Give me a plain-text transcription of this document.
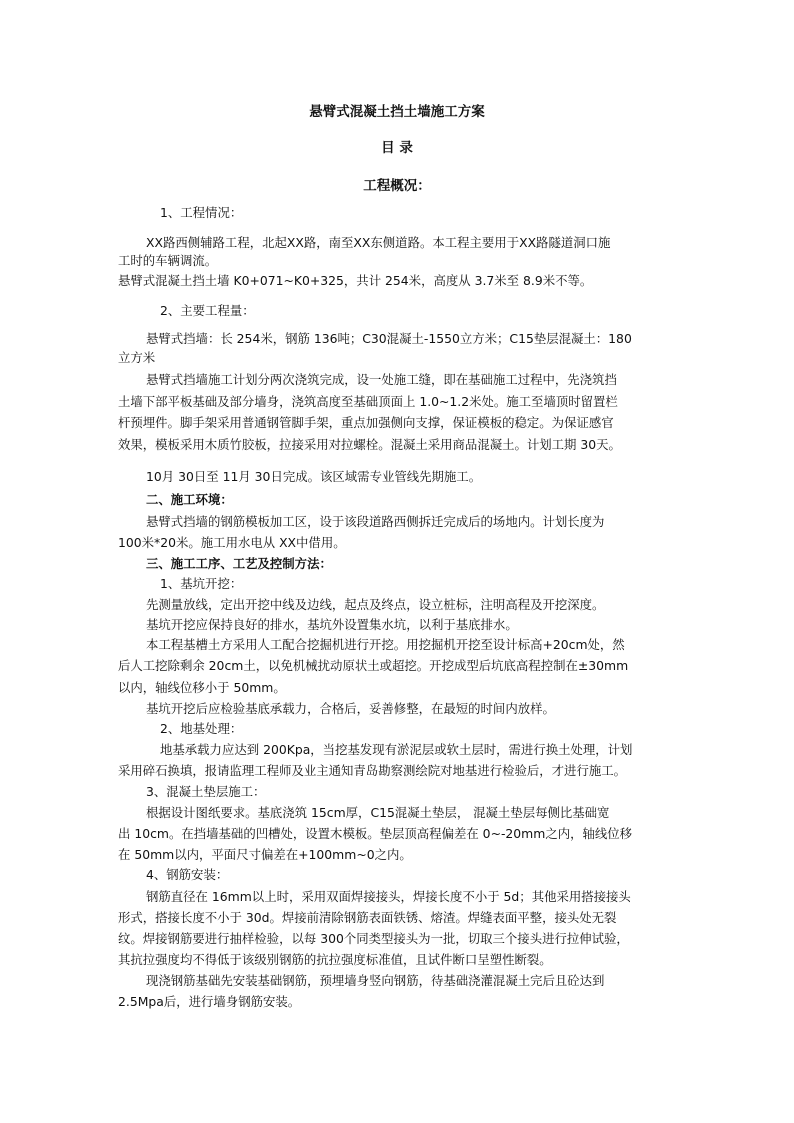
悬臂式混凝土挡土墙施工方案
目 录
工程概况：
1、工程情况：
XX路西侧辅路工程，北起XX路，南至XX东侧道路。本工程主要用于XX路隧道洞口施
工时的车辆调流。
悬臂式混凝土挡土墙 K0+071~K0+325，共计 254米，高度从 3.7米至 8.9米不等。
2、主要工程量：
悬臂式挡墙：长 254米，钢筋 136吨；C30混凝土-1550立方米；C15垫层混凝土：180
立方米
悬臂式挡墙施工计划分两次浇筑完成，设一处施工缝，即在基础施工过程中，先浇筑挡
土墙下部平板基础及部分墙身，浇筑高度至基础顶面上 1.0~1.2米处。施工至墙顶时留置栏
杆预埋件。脚手架采用普通钢管脚手架，重点加强侧向支撑，保证模板的稳定。为保证感官
效果，模板采用木质竹胶板，拉接采用对拉螺栓。混凝土采用商品混凝土。计划工期 30天。
10月 30日至 11月 30日完成。该区域需专业管线先期施工。
二、施工环境：
悬臂式挡墙的钢筋模板加工区，设于该段道路西侧拆迁完成后的场地内。计划长度为
100米*20米。施工用水电从 XX中借用。
三、施工工序、工艺及控制方法：
1、基坑开挖：
先测量放线，定出开挖中线及边线，起点及终点，设立桩标，注明高程及开挖深度。
基坑开挖应保持良好的排水，基坑外设置集水坑，以利于基底排水。
本工程基槽土方采用人工配合挖掘机进行开挖。用挖掘机开挖至设计标高+20cm处，然
后人工挖除剩余 20cm土，以免机械扰动原状土或超挖。开挖成型后坑底高程控制在±30mm
以内，轴线位移小于 50mm。
基坑开挖后应检验基底承载力，合格后，妥善修整，在最短的时间内放样。
2、地基处理：
地基承载力应达到 200Kpa，当挖基发现有淤泥层或软土层时，需进行换土处理，计划
采用碎石换填，报请监理工程师及业主通知青岛勘察测绘院对地基进行检验后，才进行施工。
3、混凝土垫层施工：
根据设计图纸要求。基底浇筑 15cm厚，C15混凝土垫层， 混凝土垫层每侧比基础宽
出 10cm。在挡墙基础的凹槽处，设置木模板。垫层顶高程偏差在 0~-20mm之内，轴线位移
在 50mm以内，平面尺寸偏差在+100mm~0之内。
4、钢筋安装：
钢筋直径在 16mm以上时，采用双面焊接接头，焊接长度不小于 5d；其他采用搭接接头
形式，搭接长度不小于 30d。焊接前清除钢筋表面铁锈、熔渣。焊缝表面平整，接头处无裂
纹。焊接钢筋要进行抽样检验，以每 300个同类型接头为一批，切取三个接头进行拉伸试验，
其抗拉强度均不得低于该级别钢筋的抗拉强度标准值，且试件断口呈塑性断裂。
现浇钢筋基础先安装基础钢筋，预埋墙身竖向钢筋，待基础浇灌混凝土完后且砼达到
2.5Mpa后，进行墙身钢筋安装。
